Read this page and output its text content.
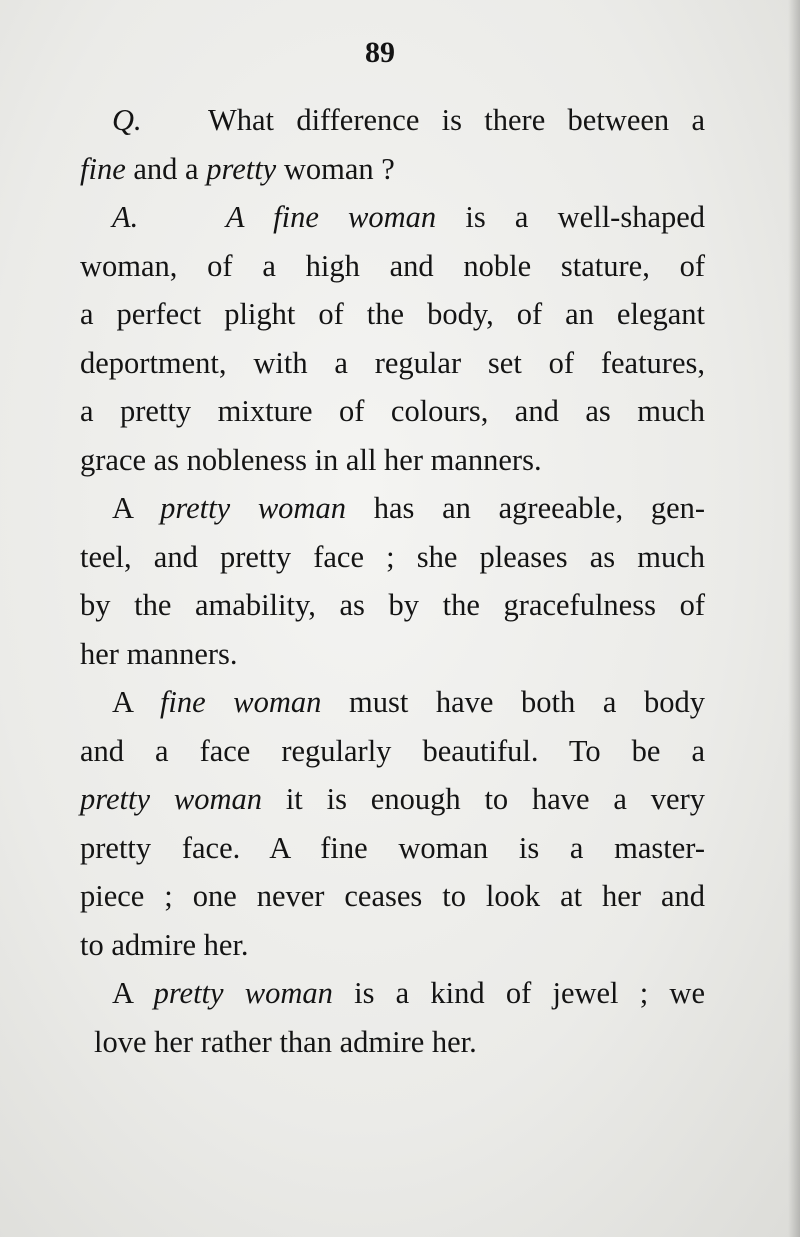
89

Q. What difference is there between a
fine and a pretty woman ?

A.	A fine woman is a well-shaped
woman, of a high and noble stature, of
a perfect plight of the body, of an elegant
deportment, with a regular set of features,
a pretty mixture of colours, and as much
grace as nobleness in all her manners.

A pretty woman has an agreeable, gen-
teel, and pretty face ; she pleases as much
by the amability, as by the gracefulness of
her manners.

A fine woman must have both a body
and a face regularly beautiful. To be a
pretty woman it is enough to have a very
pretty face. A fine woman is a master-
piece ; one never ceases to look at her and
to admire her.

A pretty woman is a kind of jewel ; we
love her rather than admire her.
